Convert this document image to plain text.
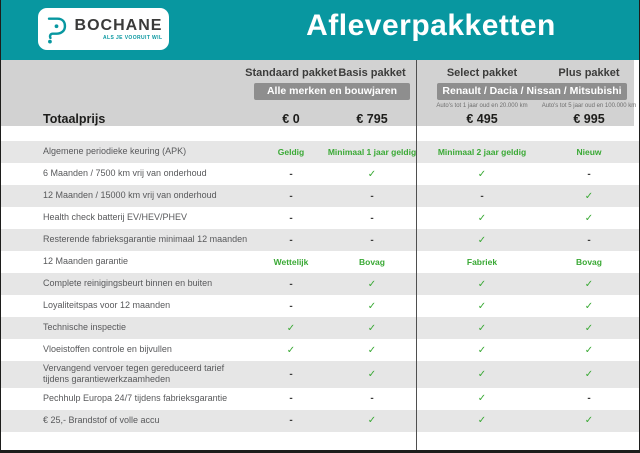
BOCHANE
ALS JE VOORUIT WIL	Afleverpakketten
Standaard pakket Basis pakket	Select pakket	Plus pakket
Alle merken en bouwjaren	Renault / Dacia / Nissan / Mitsubishi
Auto's tot 1 jaar oud en 20.000 km Auto's tot 5 jaar oud en 100.000 km
Totaalprijs	€ 0	€ 795	€ 495	€ 995
Algemene periodieke keuring (APK)	Geldig	Minimaal 1 jaar geldig	Minimaal 2 jaar geldig	Nieuw
6 Maanden / 7500 km vrij van onderhoud	-	✓	✓	-
12 Maanden / 15000 km vrij van onderhoud	-	-	-	✓
Health check batterij EV/HEV/PHEV	-	-	✓	✓
Resterende fabrieksgarantie minimaal 12 maanden	-	-	✓	-
12 Maanden garantie	Wettelijk	Bovag	Fabriek	Bovag
Complete reinigingsbeurt binnen en buiten	-	✓	✓	✓
Loyaliteitspas voor 12 maanden	-	✓	✓	✓
Technische inspectie	✓	✓	✓	✓
Vloeistoffen controle en bijvullen	✓	✓	✓	✓
Vervangend vervoer tegen gereduceerd tarief tijdens garantiewerkzaamheden	-	✓	✓	✓
Pechhulp Europa 24/7 tijdens fabrieksgarantie	-	-	✓	-
€ 25,- Brandstof of volle accu	-	✓	✓	✓
